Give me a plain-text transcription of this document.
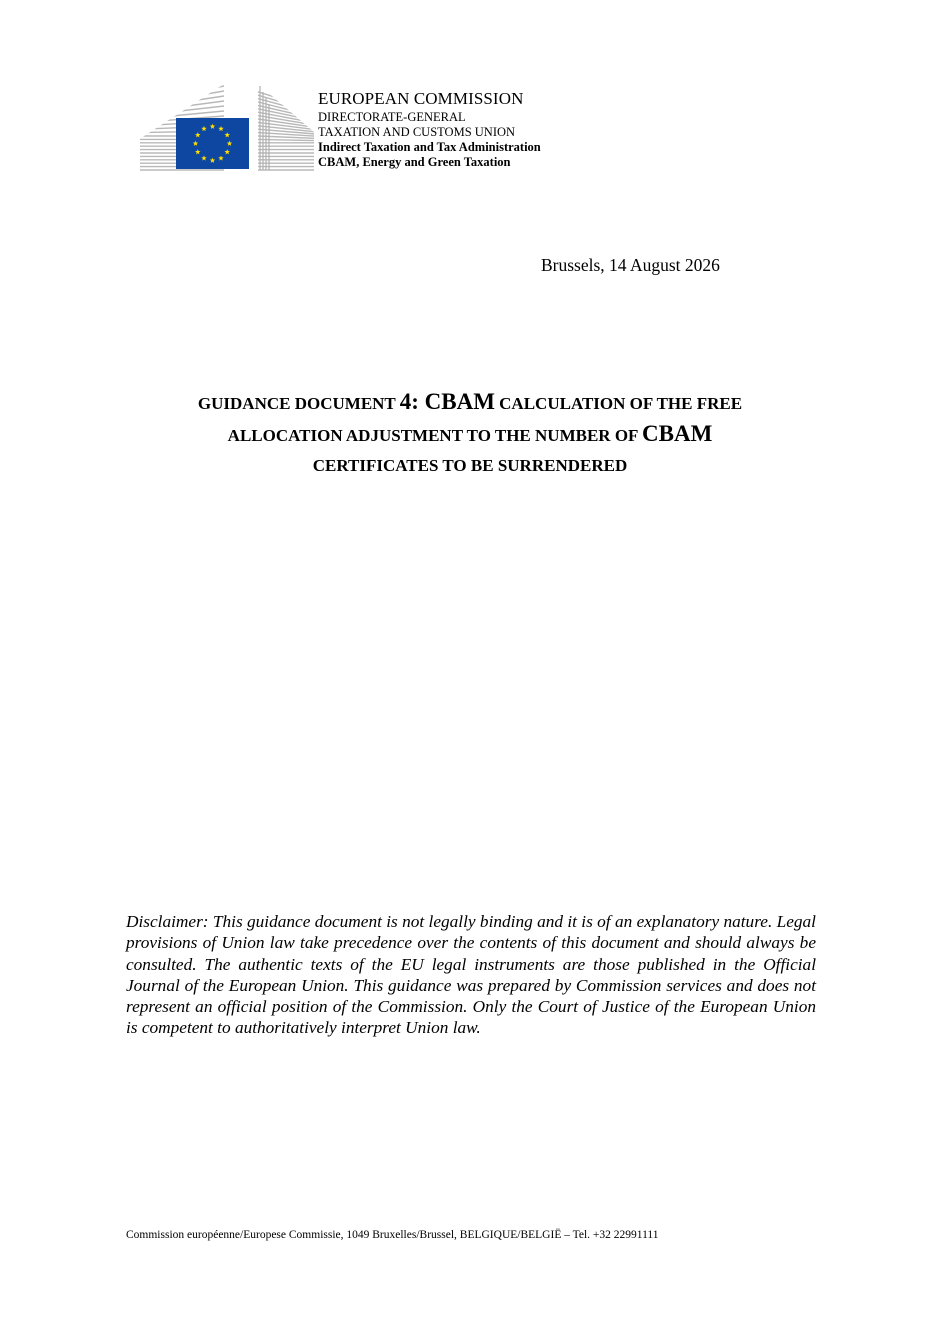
EUROPEAN COMMISSION
DIRECTORATE-GENERAL
TAXATION AND CUSTOMS UNION
Indirect Taxation and Tax Administration
CBAM, Energy and Green Taxation
Brussels, 14 August 2026
GUIDANCE DOCUMENT 4: CBAM CALCULATION OF THE FREE
ALLOCATION ADJUSTMENT TO THE NUMBER OF CBAM
CERTIFICATES TO BE SURRENDERED
Disclaimer: This guidance document is not legally binding and it is of an explanatory nature. Legal provisions of Union law take precedence over the contents of this document and should always be consulted. The authentic texts of the EU legal instruments are those published in the Official Journal of the European Union. This guidance was prepared by Commission services and does not represent an official position of the Commission. Only the Court of Justice of the European Union is competent to authoritatively interpret Union law.
Commission européenne/Europese Commissie, 1049 Bruxelles/Brussel, BELGIQUE/BELGIË – Tel. +32 22991111
